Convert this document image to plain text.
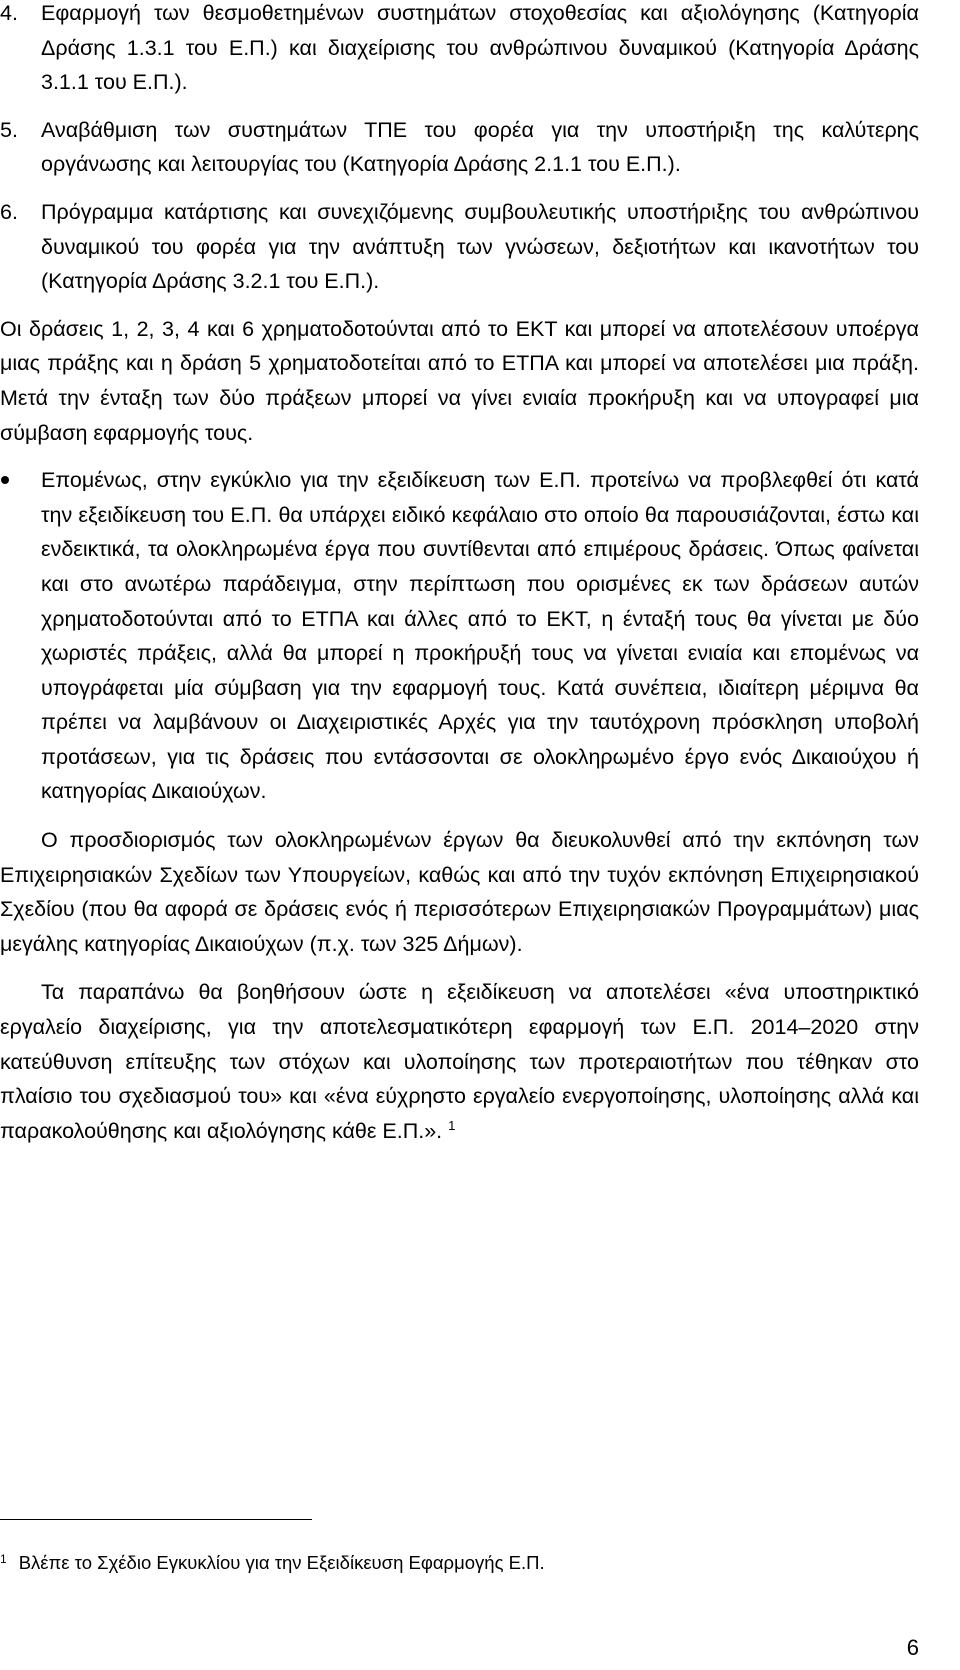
4.	Εφαρμογή των θεσμοθετημένων συστημάτων στοχοθεσίας και αξιολόγησης (Κατηγορία Δράσης 1.3.1 του Ε.Π.) και διαχείρισης του ανθρώπινου δυναμικού (Κατηγορία Δράσης 3.1.1 του Ε.Π.).
5.	Αναβάθμιση των συστημάτων ΤΠΕ του φορέα για την υποστήριξη της καλύτερης οργάνωσης και λειτουργίας του (Κατηγορία Δράσης 2.1.1 του Ε.Π.).
6.	Πρόγραμμα κατάρτισης και συνεχιζόμενης συμβουλευτικής υποστήριξης του ανθρώπινου δυναμικού του φορέα για την ανάπτυξη των γνώσεων, δεξιοτήτων και ικανοτήτων του (Κατηγορία Δράσης 3.2.1 του Ε.Π.).

Οι δράσεις 1, 2, 3, 4 και 6 χρηματοδοτούνται από το ΕΚΤ και μπορεί να αποτελέσουν υποέργα μιας πράξης και η δράση 5 χρηματοδοτείται από το ΕΤΠΑ και μπορεί να αποτελέσει μια πράξη. Μετά την ένταξη των δύο πράξεων μπορεί να γίνει ενιαία προκήρυξη και να υπογραφεί μια σύμβαση εφαρμογής τους.

Επομένως, στην εγκύκλιο για την εξειδίκευση των Ε.Π. προτείνω να προβλεφθεί ότι κατά την εξειδίκευση του Ε.Π. θα υπάρχει ειδικό κεφάλαιο στο οποίο θα παρουσιάζονται, έστω και ενδεικτικά, τα ολοκληρωμένα έργα που συντίθενται από επιμέρους δράσεις. Όπως φαίνεται και στο ανωτέρω παράδειγμα, στην περίπτωση που ορισμένες εκ των δράσεων αυτών χρηματοδοτούνται από το ΕΤΠΑ και άλλες από το ΕΚΤ, η ένταξή τους θα γίνεται με δύο χωριστές πράξεις, αλλά θα μπορεί η προκήρυξή τους να γίνεται ενιαία και επομένως να υπογράφεται μία σύμβαση για την εφαρμογή τους. Κατά συνέπεια, ιδιαίτερη μέριμνα θα πρέπει να λαμβάνουν οι Διαχειριστικές Αρχές για την ταυτόχρονη πρόσκληση υποβολή προτάσεων, για τις δράσεις που εντάσσονται σε ολοκληρωμένο έργο ενός Δικαιούχου ή κατηγορίας Δικαιούχων.

Ο προσδιορισμός των ολοκληρωμένων έργων θα διευκολυνθεί από την εκπόνηση των Επιχειρησιακών Σχεδίων των Υπουργείων, καθώς και από την τυχόν εκπόνηση Επιχειρησιακού Σχεδίου (που θα αφορά σε δράσεις ενός ή περισσότερων Επιχειρησιακών Προγραμμάτων) μιας μεγάλης κατηγορίας Δικαιούχων (π.χ. των 325 Δήμων).

Τα παραπάνω θα βοηθήσουν ώστε η εξειδίκευση να αποτελέσει «ένα υποστηρικτικό εργαλείο διαχείρισης, για την αποτελεσματικότερη εφαρμογή των Ε.Π. 2014–2020 στην κατεύθυνση επίτευξης των στόχων και υλοποίησης των προτεραιοτήτων που τέθηκαν στο πλαίσιο του σχεδιασμού του» και «ένα εύχρηστο εργαλείο ενεργοποίησης, υλοποίησης αλλά και παρακολούθησης και αξιολόγησης κάθε Ε.Π.». $^1$

$^1$ Βλέπε το Σχέδιο Εγκυκλίου για την Εξειδίκευση Εφαρμογής Ε.Π.
6
